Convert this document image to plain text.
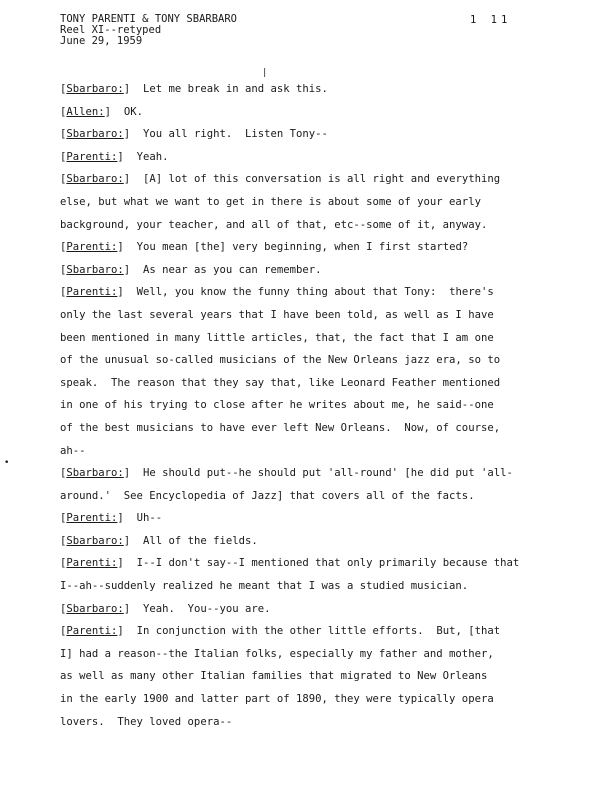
TONY PARENTI & TONY SBARBARO
Reel XI--retyped
June 29, 1959
1 11
|
[Sbarbaro:]  Let me break in and ask this.
[Allen:]  OK.
[Sbarbaro:]  You all right.  Listen Tony--
[Parenti:]  Yeah.
[Sbarbaro:]  [A] lot of this conversation is all right and everything
else, but what we want to get in there is about some of your early
background, your teacher, and all of that, etc--some of it, anyway.
[Parenti:]  You mean [the] very beginning, when I first started?
[Sbarbaro:]  As near as you can remember.
[Parenti:]  Well, you know the funny thing about that Tony:  there's
only the last several years that I have been told, as well as I have
been mentioned in many little articles, that, the fact that I am one
of the unusual so-called musicians of the New Orleans jazz era, so to
speak.  The reason that they say that, like Leonard Feather mentioned
in one of his trying to close after he writes about me, he said--one
of the best musicians to have ever left New Orleans.  Now, of course,
ah--
[Sbarbaro:]  He should put--he should put 'all-round' [he did put 'all-
around.'  See Encyclopedia of Jazz] that covers all of the facts.
[Parenti:]  Uh--
[Sbarbaro:]  All of the fields.
[Parenti:]  I--I don't say--I mentioned that only primarily because that
I--ah--suddenly realized he meant that I was a studied musician.
[Sbarbaro:]  Yeah.  You--you are.
[Parenti:]  In conjunction with the other little efforts.  But, [that
I] had a reason--the Italian folks, especially my father and mother,
as well as many other Italian families that migrated to New Orleans
in the early 1900 and latter part of 1890, they were typically opera
lovers.  They loved opera--
•
